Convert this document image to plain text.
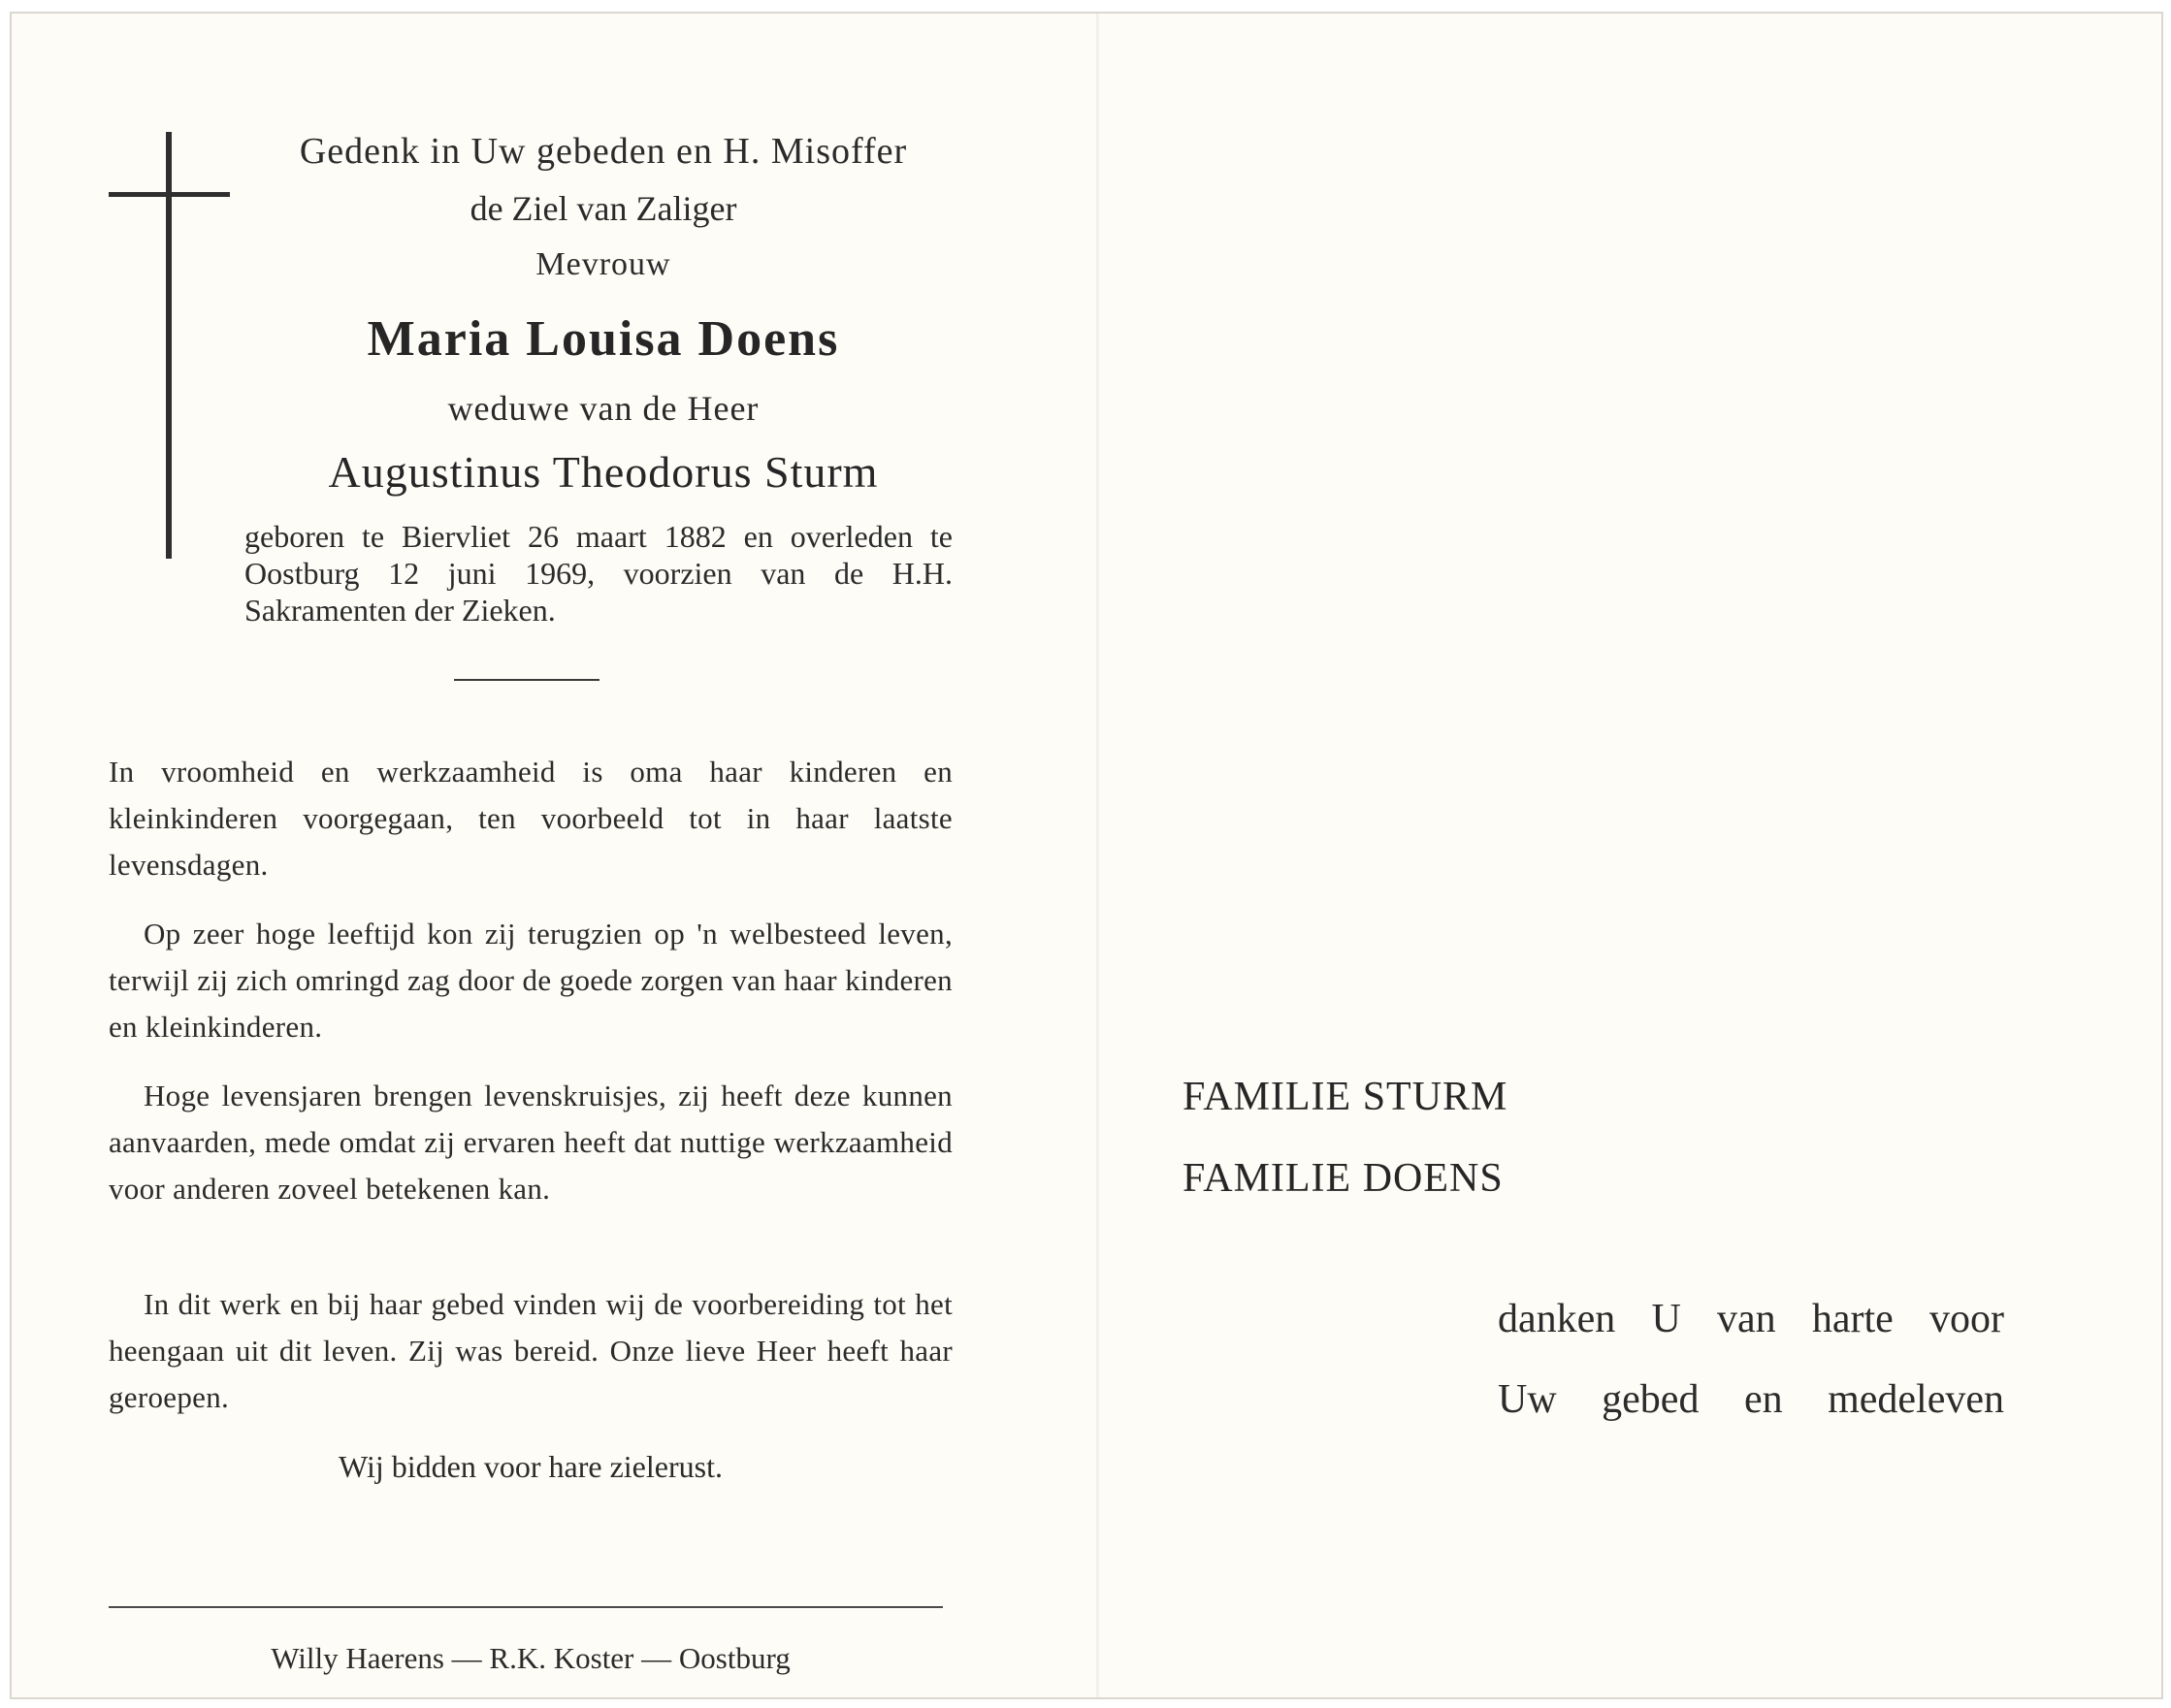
Gedenk in Uw gebeden en H. Misoffer
de Ziel van Zaliger
Mevrouw
Maria Louisa Doens
weduwe van de Heer
Augustinus Theodorus Sturm
geboren te Biervliet 26 maart 1882 en overleden te Oostburg 12 juni 1969, voorzien van de H.H. Sakramenten der Zieken.
In vroomheid en werkzaamheid is oma haar kinderen en kleinkinderen voorgegaan, ten voorbeeld tot in haar laatste levensdagen.
Op zeer hoge leeftijd kon zij terugzien op 'n welbesteed leven, terwijl zij zich omringd zag door de goede zorgen van haar kinderen en kleinkinderen.
Hoge levensjaren brengen levenskruisjes, zij heeft deze kunnen aanvaarden, mede omdat zij ervaren heeft dat nuttige werkzaamheid voor anderen zoveel betekenen kan.
In dit werk en bij haar gebed vinden wij de voorbereiding tot het heengaan uit dit leven. Zij was bereid. Onze lieve Heer heeft haar geroepen.
Wij bidden voor hare zielerust.
Willy Haerens — R.K. Koster — Oostburg
FAMILIE STURM
FAMILIE DOENS
danken U van harte voor
Uw gebed en medeleven
